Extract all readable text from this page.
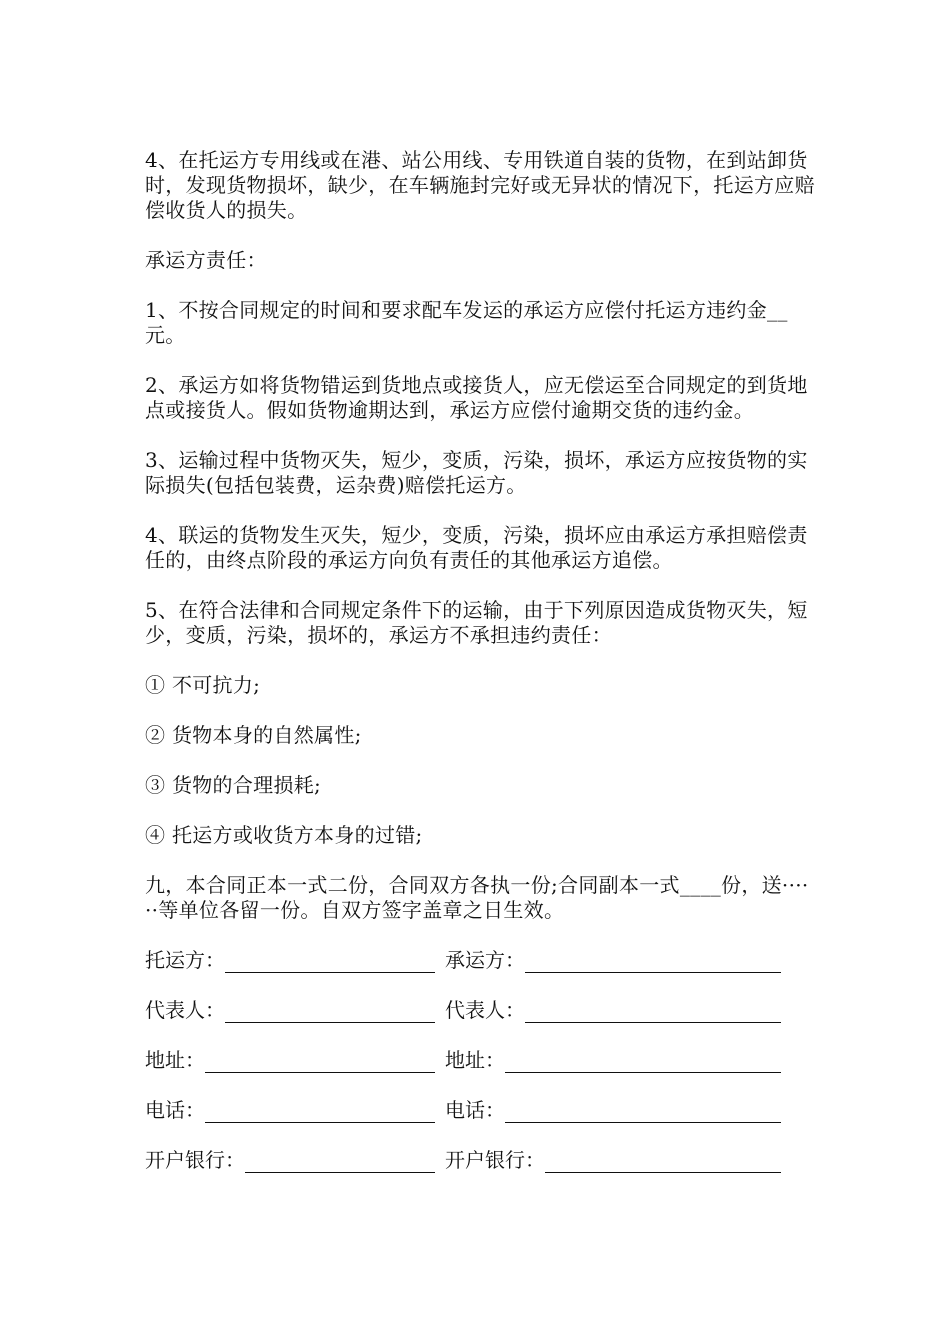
4、在托运方专用线或在港、站公用线、专用铁道自装的货物，在到站卸货时，发现货物损坏，缺少，在车辆施封完好或无异状的情况下，托运方应赔偿收货人的损失。

承运方责任：

1、不按合同规定的时间和要求配车发运的承运方应偿付托运方违约金__元。

2、承运方如将货物错运到货地点或接货人，应无偿运至合同规定的到货地点或接货人。假如货物逾期达到，承运方应偿付逾期交货的违约金。

3、运输过程中货物灭失，短少，变质，污染，损坏，承运方应按货物的实际损失(包括包装费，运杂费)赔偿托运方。

4、联运的货物发生灭失，短少，变质，污染，损坏应由承运方承担赔偿责任的，由终点阶段的承运方向负有责任的其他承运方追偿。

5、在符合法律和合同规定条件下的运输，由于下列原因造成货物灭失，短少，变质，污染，损坏的，承运方不承担违约责任：

① 不可抗力;

② 货物本身的自然属性;

③ 货物的合理损耗;

④ 托运方或收货方本身的过错;

九，本合同正本一式二份，合同双方各执一份;合同副本一式____份，送······等单位各留一份。自双方签字盖章之日生效。

托运方：	承运方：
代表人：	代表人：
地址：	地址：
电话：	电话：
开户银行：	开户银行：
